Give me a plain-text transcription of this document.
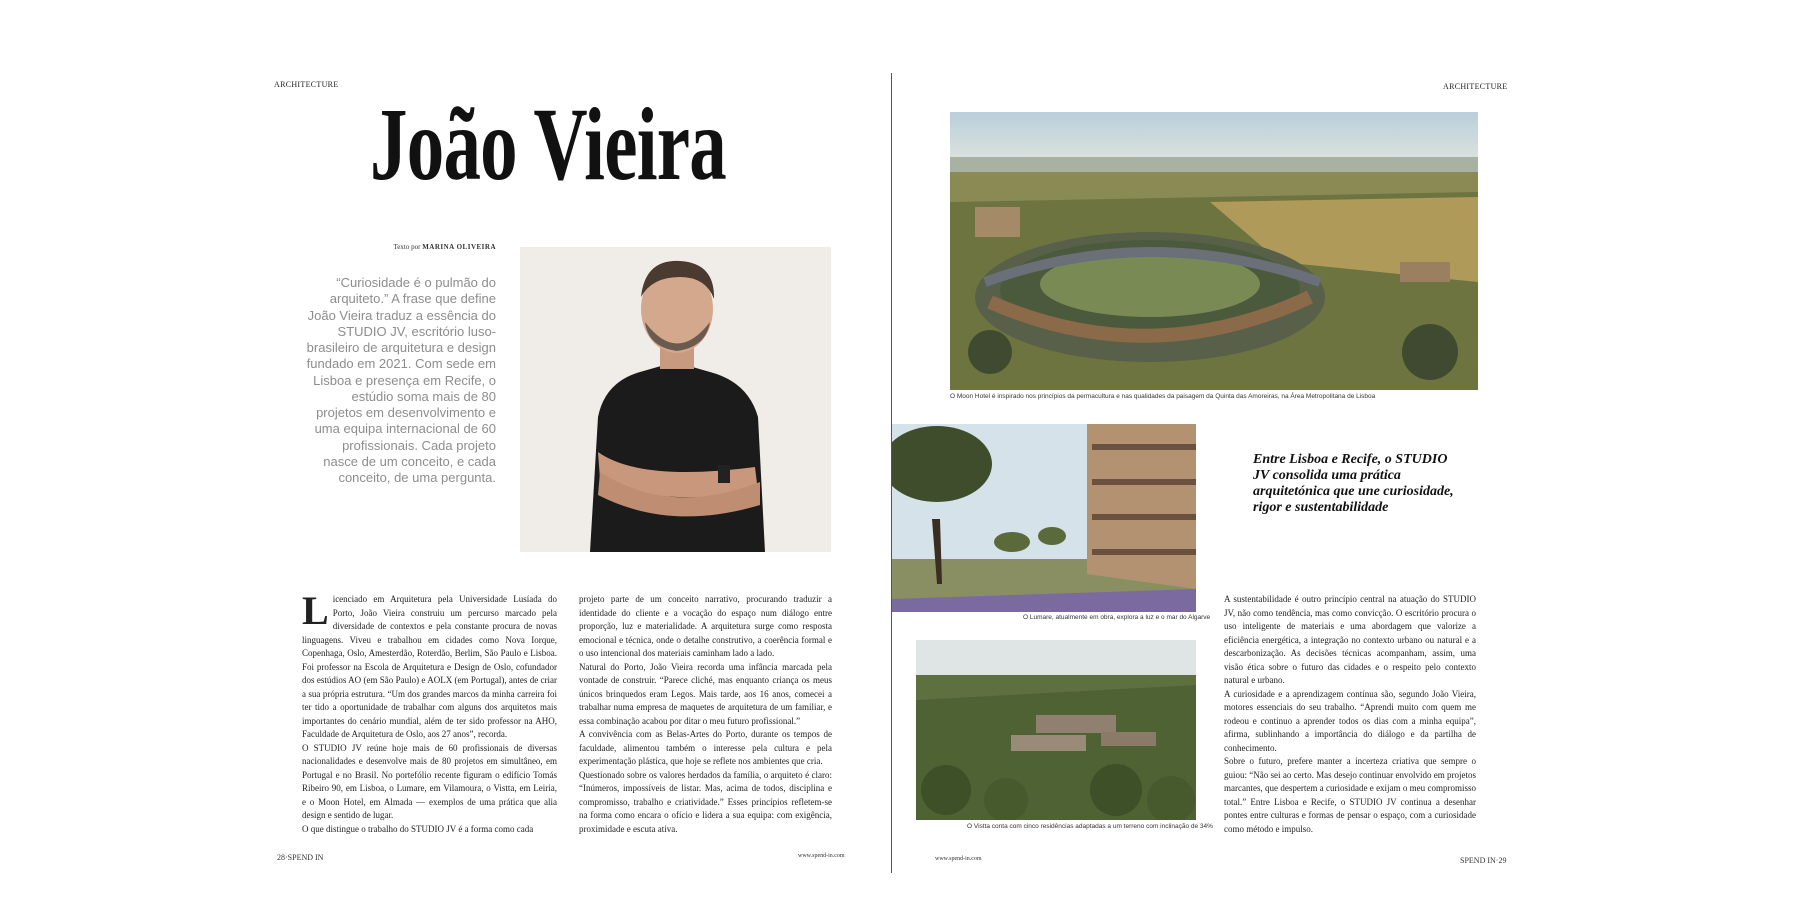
ARCHITECTURE
João Vieira
Texto por MARINA OLIVEIRA
“Curiosidade é o pulmão do arquiteto.” A frase que define João Vieira traduz a essência do STUDIO JV, escritório luso-brasileiro de arquitetura e design fundado em 2021. Com sede em Lisboa e presença em Recife, o estúdio soma mais de 80 projetos em desenvolvimento e uma equipa internacional de 60 profissionais. Cada projeto nasce de um conceito, e cada conceito, de uma pergunta.

Licenciado em Arquitetura pela Universidade Lusíada do Porto, João Vieira construiu um percurso marcado pela diversidade de contextos e pela constante procura de novas linguagens. Viveu e trabalhou em cidades como Nova Iorque, Copenhaga, Oslo, Amesterdão, Roterdão, Berlim, São Paulo e Lisboa. Foi professor na Escola de Arquitetura e Design de Oslo, cofundador dos estúdios AO (em São Paulo) e AOLX (em Portugal), antes de criar a sua própria estrutura. “Um dos grandes marcos da minha carreira foi ter tido a oportunidade de trabalhar com alguns dos arquitetos mais importantes do cenário mundial, além de ter sido professor na AHO, Faculdade de Arquitetura de Oslo, aos 27 anos”, recorda.

O STUDIO JV reúne hoje mais de 60 profissionais de diversas nacionalidades e desenvolve mais de 80 projetos em simultâneo, em Portugal e no Brasil. No portefólio recente figuram o edifício Tomás Ribeiro 90, em Lisboa, o Lumare, em Vilamoura, o Vistta, em Leiria, e o Moon Hotel, em Almada — exemplos de uma prática que alia design e sentido de lugar.

O que distingue o trabalho do STUDIO JV é a forma como cada

projeto parte de um conceito narrativo, procurando traduzir a identidade do cliente e a vocação do espaço num diálogo entre proporção, luz e materialidade. A arquitetura surge como resposta emocional e técnica, onde o detalhe construtivo, a coerência formal e o uso intencional dos materiais caminham lado a lado.

Natural do Porto, João Vieira recorda uma infância marcada pela vontade de construir. “Parece cliché, mas enquanto criança os meus únicos brinquedos eram Legos. Mais tarde, aos 16 anos, comecei a trabalhar numa empresa de maquetes de arquitetura de um familiar, e essa combinação acabou por ditar o meu futuro profissional.”

A convivência com as Belas-Artes do Porto, durante os tempos de faculdade, alimentou também o interesse pela cultura e pela experimentação plástica, que hoje se reflete nos ambientes que cria.

Questionado sobre os valores herdados da família, o arquiteto é claro: “Inúmeros, impossíveis de listar. Mas, acima de todos, disciplina e compromisso, trabalho e criatividade.” Esses princípios refletem-se na forma como encara o ofício e lidera a sua equipa: com exigência, proximidade e escuta ativa.

28·SPEND IN	www.spend-in.com
ARCHITECTURE
O Moon Hotel é inspirado nos princípios da permacultura e nas qualidades da paisagem da Quinta das Amoreiras, na Área Metropolitana de Lisboa
O Lumare, atualmente em obra, explora a luz e o mar do Algarve
O Vistta conta com cinco residências adaptadas a um terreno com inclinação de 34%
Entre Lisboa e Recife, o STUDIO JV consolida uma prática arquitetónica que une curiosidade, rigor e sustentabilidade

A sustentabilidade é outro princípio central na atuação do STUDIO JV, não como tendência, mas como convicção. O escritório procura o uso inteligente de materiais e uma abordagem que valorize a eficiência energética, a integração no contexto urbano ou natural e a descarbonização. As decisões técnicas acompanham, assim, uma visão ética sobre o futuro das cidades e o respeito pelo contexto natural e urbano.

A curiosidade e a aprendizagem contínua são, segundo João Vieira, motores essenciais do seu trabalho. “Aprendi muito com quem me rodeou e continuo a aprender todos os dias com a minha equipa”, afirma, sublinhando a importância do diálogo e da partilha de conhecimento.

Sobre o futuro, prefere manter a incerteza criativa que sempre o guiou: “Não sei ao certo. Mas desejo continuar envolvido em projetos marcantes, que despertem a curiosidade e exijam o meu compromisso total.” Entre Lisboa e Recife, o STUDIO JV continua a desenhar pontes entre culturas e formas de pensar o espaço, com a curiosidade como método e impulso.

www.spend-in.com	SPEND IN·29
